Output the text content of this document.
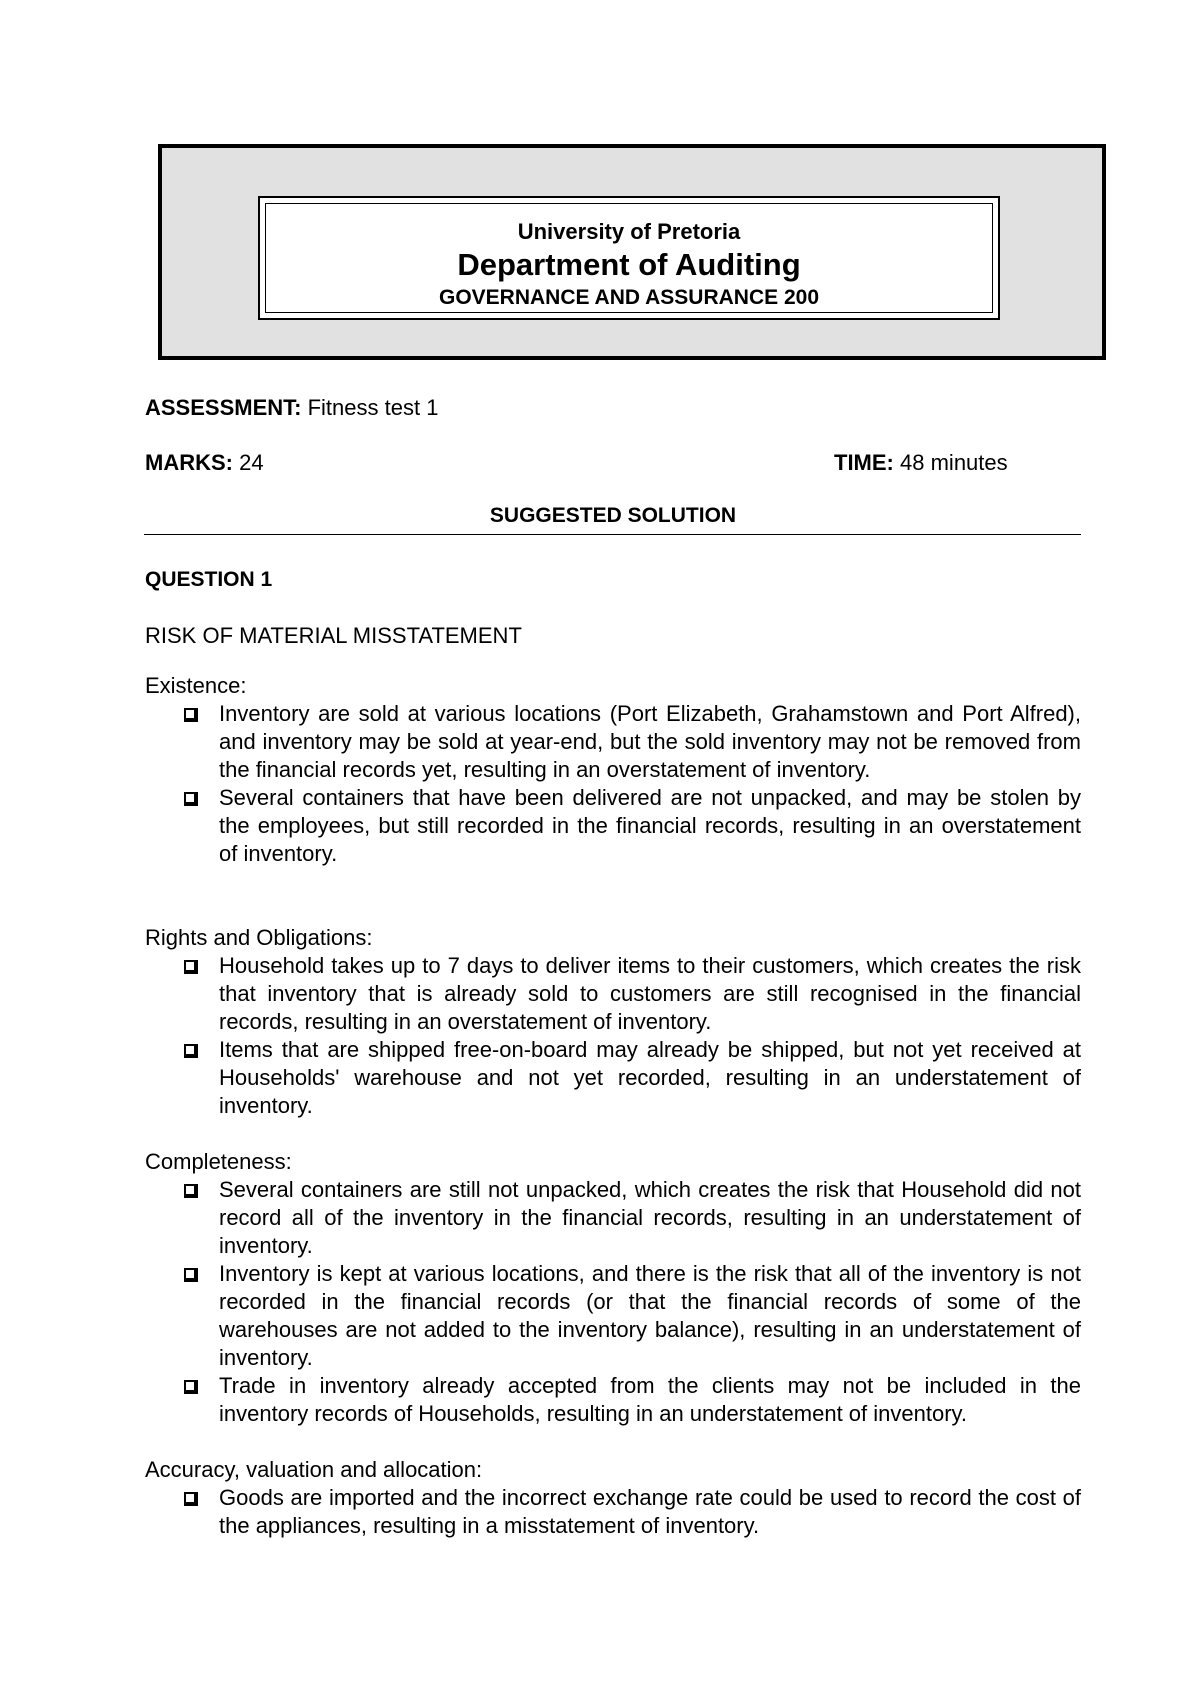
University of Pretoria
Department of Auditing
GOVERNANCE AND ASSURANCE 200
ASSESSMENT: Fitness test 1
MARKS: 24	TIME: 48 minutes
SUGGESTED SOLUTION
QUESTION 1
RISK OF MATERIAL MISSTATEMENT
Existence:
Inventory are sold at various locations (Port Elizabeth, Grahamstown and Port Alfred), and inventory may be sold at year-end, but the sold inventory may not be removed from the financial records yet, resulting in an overstatement of inventory.
Several containers that have been delivered are not unpacked, and may be stolen by the employees, but still recorded in the financial records, resulting in an overstatement of inventory.
Rights and Obligations:
Household takes up to 7 days to deliver items to their customers, which creates the risk that inventory that is already sold to customers are still recognised in the financial records, resulting in an overstatement of inventory.
Items that are shipped free-on-board may already be shipped, but not yet received at Households' warehouse and not yet recorded, resulting in an understatement of inventory.
Completeness:
Several containers are still not unpacked, which creates the risk that Household did not record all of the inventory in the financial records, resulting in an understatement of inventory.
Inventory is kept at various locations, and there is the risk that all of the inventory is not recorded in the financial records (or that the financial records of some of the warehouses are not added to the inventory balance), resulting in an understatement of inventory.
Trade in inventory already accepted from the clients may not be included in the inventory records of Households, resulting in an understatement of inventory.
Accuracy, valuation and allocation:
Goods are imported and the incorrect exchange rate could be used to record the cost of the appliances, resulting in a misstatement of inventory.
